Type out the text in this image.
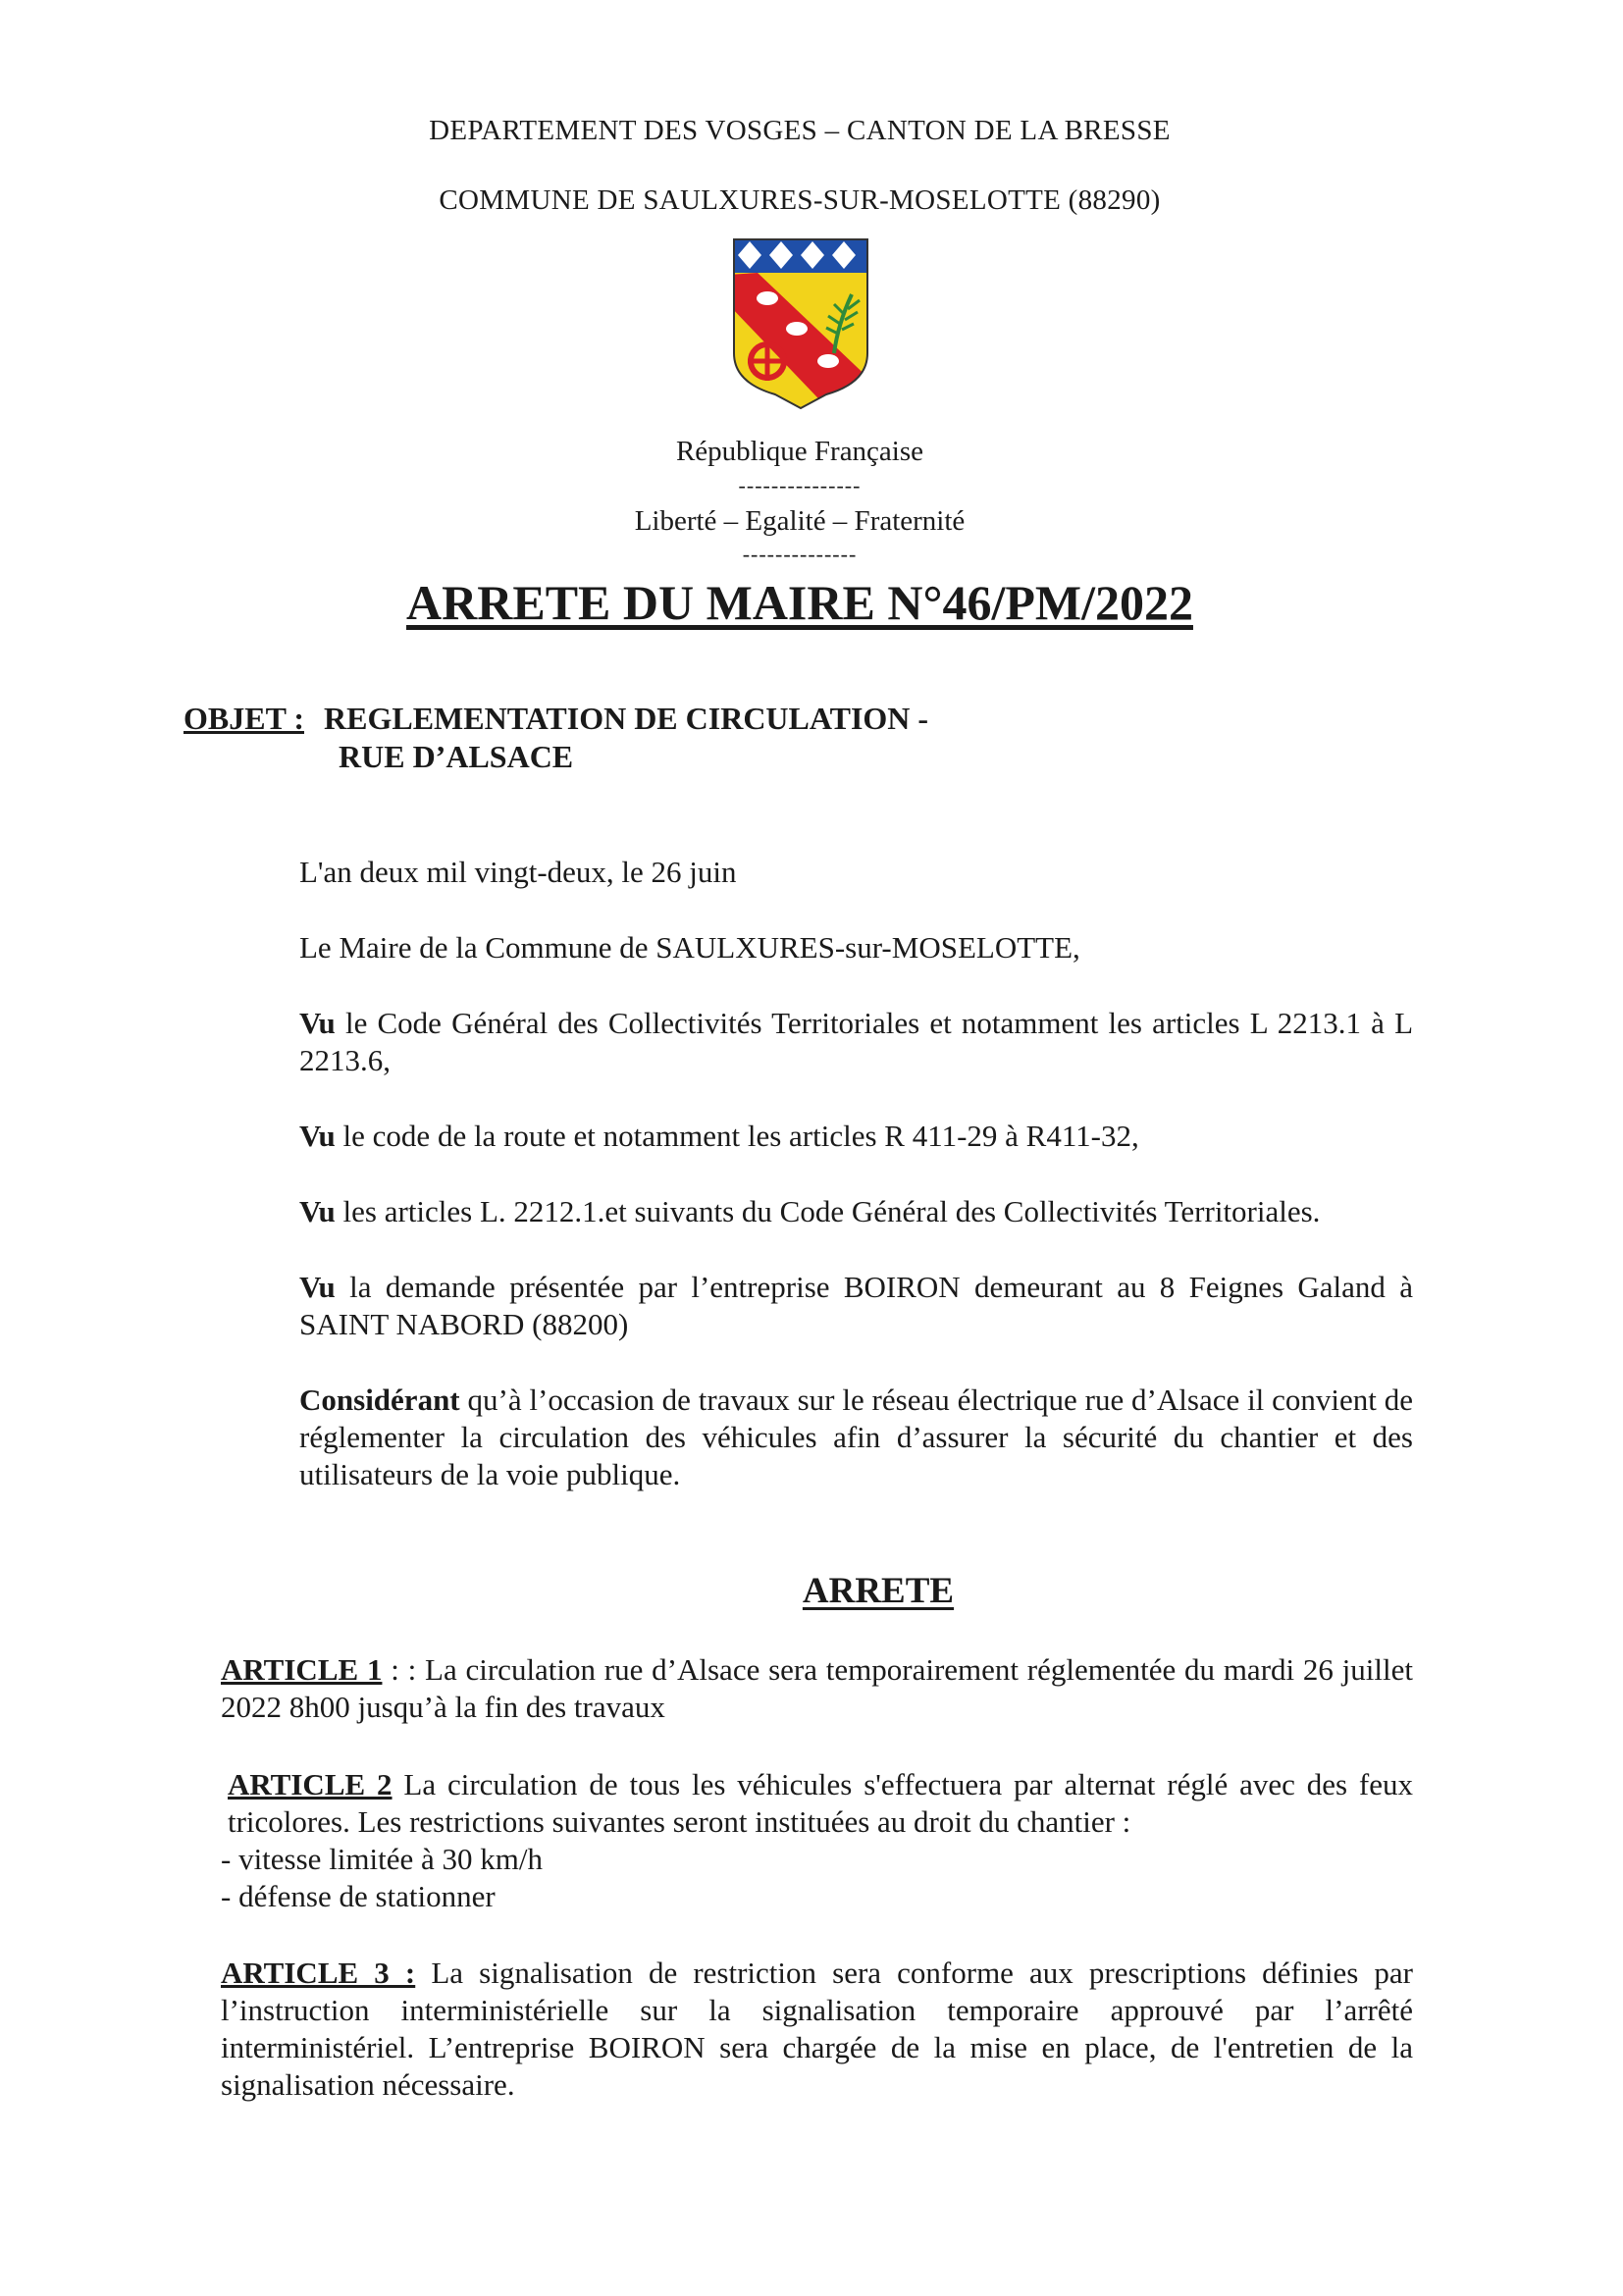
DEPARTEMENT DES VOSGES – CANTON DE LA BRESSE

COMMUNE DE SAULXURES-SUR-MOSELOTTE (88290)

République Française

---------------

Liberté – Egalité – Fraternité

--------------

ARRETE DU MAIRE N°46/PM/2022

OBJET : REGLEMENTATION DE CIRCULATION -

RUE D’ALSACE

L'an deux mil vingt-deux, le 26 juin

Le Maire de la Commune de SAULXURES-sur-MOSELOTTE,

Vu le Code Général des Collectivités Territoriales et notamment les articles L 2213.1 à L 2213.6,

Vu le code de la route et notamment les articles R 411-29 à R411-32,

Vu les articles L. 2212.1.et suivants du Code Général des Collectivités Territoriales.

Vu la demande présentée par l’entreprise BOIRON demeurant au 8 Feignes Galand à SAINT NABORD (88200)

Considérant qu’à l’occasion de travaux sur le réseau électrique rue d’Alsace il convient de réglementer la circulation des véhicules afin d’assurer la sécurité du chantier et des utilisateurs de la voie publique.

ARRETE

ARTICLE 1 : : La circulation rue d’Alsace sera temporairement réglementée du mardi 26 juillet 2022 8h00 jusqu’à la fin des travaux

ARTICLE 2 La circulation de tous les véhicules s'effectuera par alternat réglé avec des feux tricolores. Les restrictions suivantes seront instituées au droit du chantier :

- vitesse limitée à 30 km/h

- défense de stationner

ARTICLE 3 : La signalisation de restriction sera conforme aux prescriptions définies par l’instruction interministérielle sur la signalisation temporaire approuvé par l’arrêté interministériel. L’entreprise BOIRON sera chargée de la mise en place, de l'entretien de la signalisation nécessaire.
